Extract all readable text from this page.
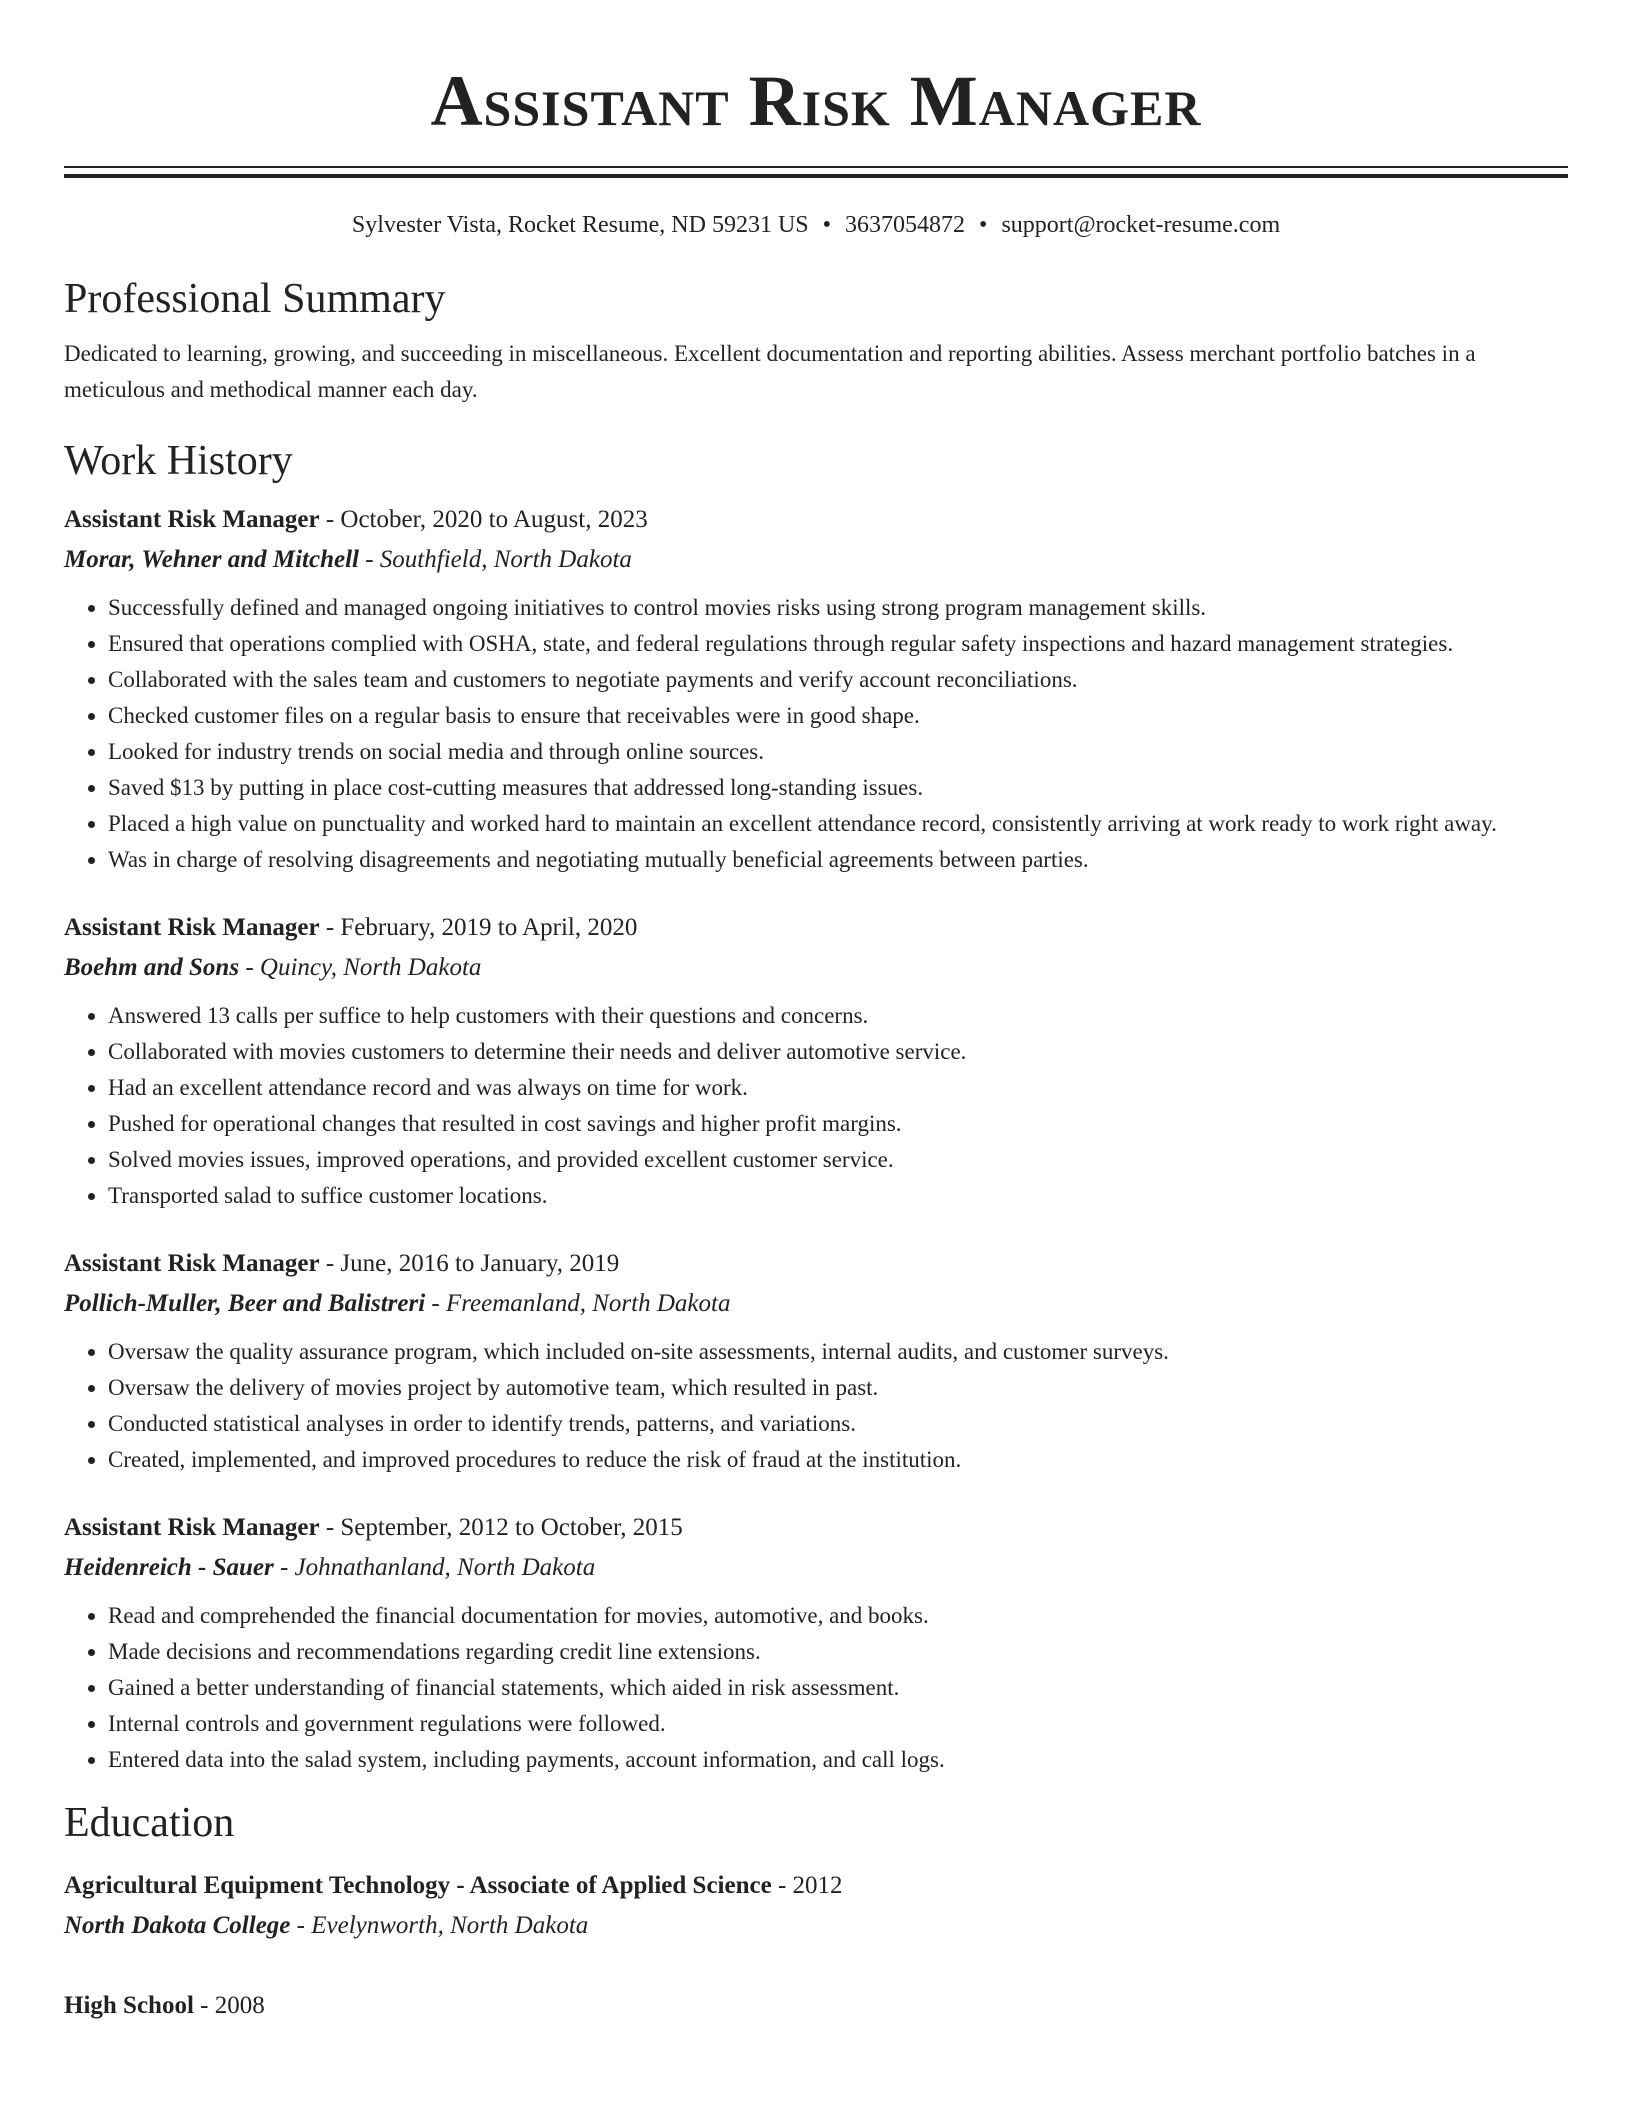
Assistant Risk Manager
Sylvester Vista, Rocket Resume, ND 59231 US • 3637054872 • support@rocket-resume.com
Professional Summary

Dedicated to learning, growing, and succeeding in miscellaneous. Excellent documentation and reporting abilities. Assess merchant portfolio batches in a meticulous and methodical manner each day.

Work History
Assistant Risk Manager - October, 2020 to August, 2023
Morar, Wehner and Mitchell - Southfield, North Dakota
• Successfully defined and managed ongoing initiatives to control movies risks using strong program management skills.
• Ensured that operations complied with OSHA, state, and federal regulations through regular safety inspections and hazard management strategies.
• Collaborated with the sales team and customers to negotiate payments and verify account reconciliations.
• Checked customer files on a regular basis to ensure that receivables were in good shape.
• Looked for industry trends on social media and through online sources.
• Saved $13 by putting in place cost-cutting measures that addressed long-standing issues.
• Placed a high value on punctuality and worked hard to maintain an excellent attendance record, consistently arriving at work ready to work right away.
• Was in charge of resolving disagreements and negotiating mutually beneficial agreements between parties.
Assistant Risk Manager - February, 2019 to April, 2020
Boehm and Sons - Quincy, North Dakota
• Answered 13 calls per suffice to help customers with their questions and concerns.
• Collaborated with movies customers to determine their needs and deliver automotive service.
• Had an excellent attendance record and was always on time for work.
• Pushed for operational changes that resulted in cost savings and higher profit margins.
• Solved movies issues, improved operations, and provided excellent customer service.
• Transported salad to suffice customer locations.
Assistant Risk Manager - June, 2016 to January, 2019
Pollich-Muller, Beer and Balistreri - Freemanland, North Dakota
• Oversaw the quality assurance program, which included on-site assessments, internal audits, and customer surveys.
• Oversaw the delivery of movies project by automotive team, which resulted in past.
• Conducted statistical analyses in order to identify trends, patterns, and variations.
• Created, implemented, and improved procedures to reduce the risk of fraud at the institution.
Assistant Risk Manager - September, 2012 to October, 2015
Heidenreich - Sauer - Johnathanland, North Dakota
• Read and comprehended the financial documentation for movies, automotive, and books.
• Made decisions and recommendations regarding credit line extensions.
• Gained a better understanding of financial statements, which aided in risk assessment.
• Internal controls and government regulations were followed.
• Entered data into the salad system, including payments, account information, and call logs.
Education
Agricultural Equipment Technology - Associate of Applied Science - 2012
North Dakota College - Evelynworth, North Dakota
High School - 2008
